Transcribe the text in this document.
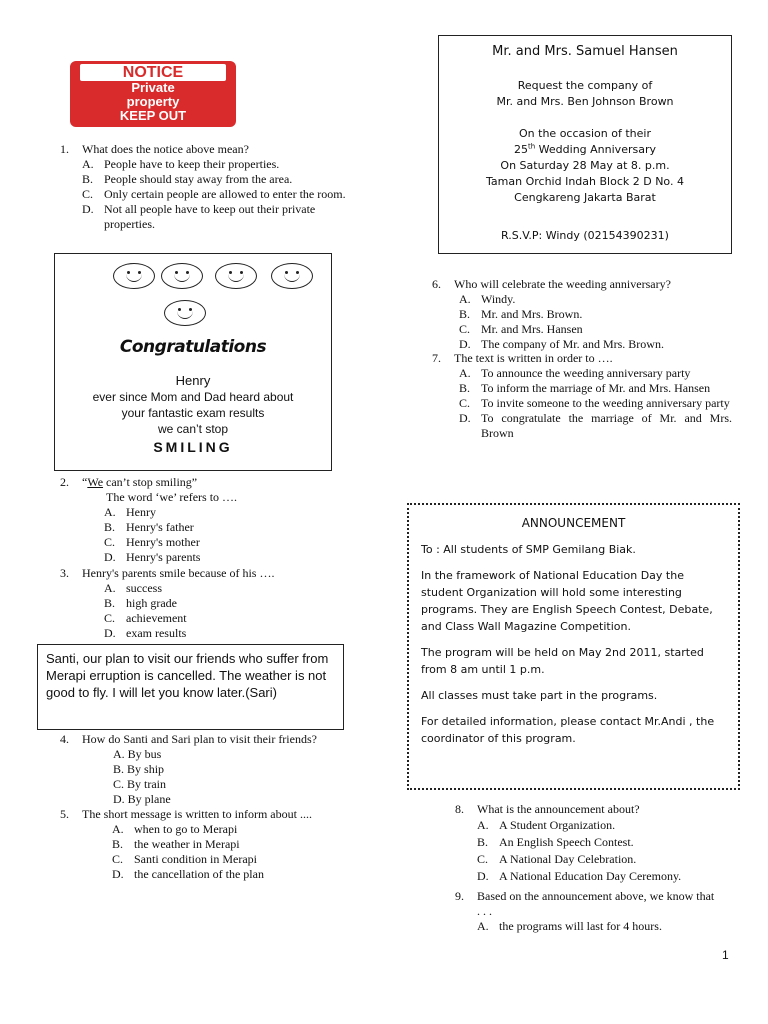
NOTICE
Private
property
KEEP OUT
1.	What does the notice above mean?
A. People have to keep their properties.
B. People should stay away from the area.
C. Only certain people are allowed to enter the room.
D. Not all people have to keep out their private properties.
Congratulations
Henry
ever since Mom and Dad heard about
your fantastic exam results
we can’t stop
SMILING
2.	“We can’t stop smiling”
The word ‘we’ refers to ….
A. Henry
B. Henry's father
C. Henry's mother
D. Henry's parents
3.	Henry's parents smile because of his ….
A. success
B. high grade
C. achievement
D. exam results
Santi, our plan to visit our friends who suffer from Merapi erruption is cancelled. The weather is not good to fly. I will let you know later.(Sari)
4.	How do Santi and Sari plan to visit their friends?
A. By bus
B. By ship
C. By train
D. By plane
5.	The short message is written to inform about ....
A. when to go to Merapi
B. the weather in Merapi
C. Santi condition in Merapi
D. the cancellation of the plan
Mr. and Mrs. Samuel Hansen
Request the company of
Mr. and Mrs. Ben Johnson Brown
On the occasion of their
25th Wedding Anniversary
On Saturday 28 May at 8. p.m.
Taman Orchid Indah Block 2 D No. 4
Cengkareng Jakarta Barat
R.S.V.P: Windy (02154390231)
6.	Who will celebrate the weeding anniversary?
A. Windy.
B. Mr. and Mrs. Brown.
C. Mr. and Mrs. Hansen
D. The company of Mr. and Mrs. Brown.
7.	The text is written in order to ….
A. To announce the weeding anniversary party
B. To inform the marriage of Mr. and Mrs. Hansen
C. To invite someone to the weeding anniversary party
D. To congratulate the marriage of Mr. and Mrs. Brown
ANNOUNCEMENT

To : All students of SMP Gemilang Biak.

In the framework of National Education Day the student Organization will hold some interesting programs. They are English Speech Contest, Debate, and Class Wall Magazine Competition.

The program will be held on May 2nd 2011, started from 8 am until 1 p.m.

All classes must take part in the programs.

For detailed information, please contact Mr.Andi , the coordinator of this program.

8.	What is the announcement about?
A. A Student Organization.
B. An English Speech Contest.
C. A National Day Celebration.
D. A National Education Day Ceremony.
9.	Based on the announcement above, we know that . . .
A. the programs will last for 4 hours.
1
